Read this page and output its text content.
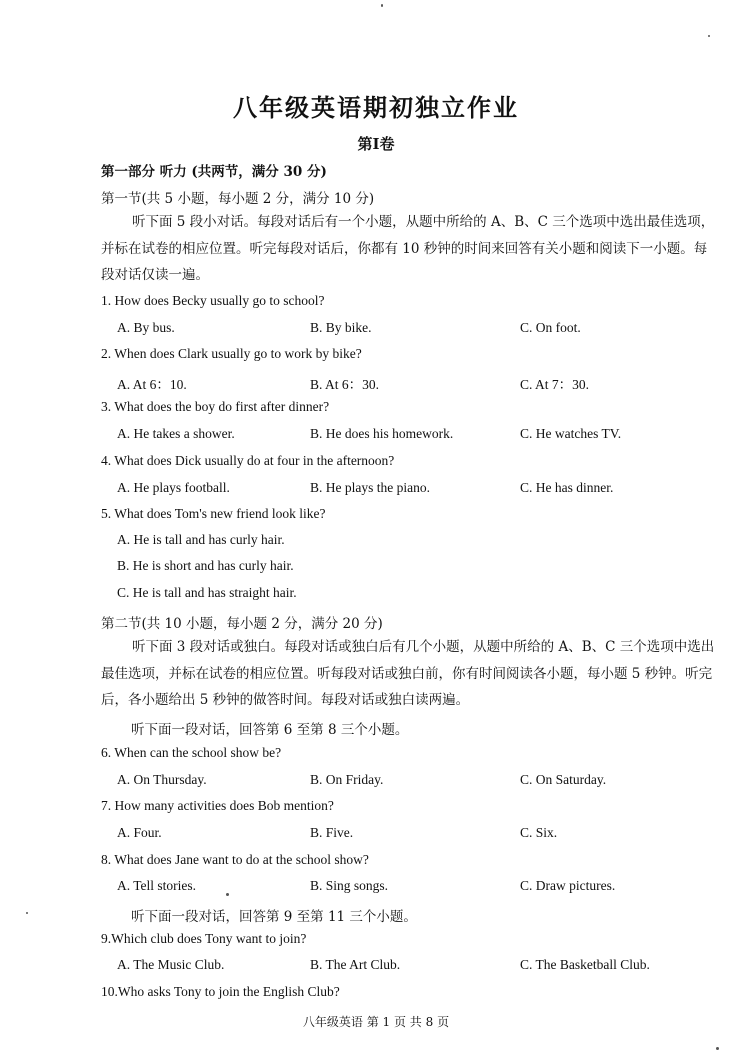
八年级英语期初独立作业
第I卷
第一部分 听力 (共两节，满分 30 分)
第一节(共 5 小题，每小题 2 分，满分 10 分)
听下面 5 段小对话。每段对话后有一个小题，从题中所给的 A、B、C 三个选项中选出最佳选项，并标在试卷的相应位置。听完每段对话后，你都有 10 秒钟的时间来回答有关小题和阅读下一小题。每段对话仅读一遍。
1. How does Becky usually go to school?
A. By bus.	B. By bike.	C. On foot.
2. When does Clark usually go to work by bike?
A. At 6：10.	B. At 6：30.	C. At 7：30.
3. What does the boy do first after dinner?
A. He takes a shower.	B. He does his homework.	C. He watches TV.
4. What does Dick usually do at four in the afternoon?
A. He plays football.	B. He plays the piano.	C. He has dinner.
5. What does Tom's new friend look like?
A. He is tall and has curly hair.
B. He is short and has curly hair.
C. He is tall and has straight hair.
第二节(共 10 小题，每小题 2 分，满分 20 分)
听下面 3 段对话或独白。每段对话或独白后有几个小题，从题中所给的 A、B、C 三个选项中选出最佳选项，并标在试卷的相应位置。听每段对话或独白前，你有时间阅读各小题，每小题 5 秒钟。听完后，各小题给出 5 秒钟的做答时间。每段对话或独白读两遍。
听下面一段对话，回答第 6 至第 8 三个小题。
6. When can the school show be?
A. On Thursday.	B. On Friday.	C. On Saturday.
7. How many activities does Bob mention?
A. Four.	B. Five.	C. Six.
8. What does Jane want to do at the school show?
A. Tell stories.	B. Sing songs.	C. Draw pictures.
听下面一段对话，回答第 9 至第 11 三个小题。
9.Which club does Tony want to join?
A. The Music Club.	B. The Art Club.	C. The Basketball Club.
10.Who asks Tony to join the English Club?
八年级英语 第 1 页 共 8 页
